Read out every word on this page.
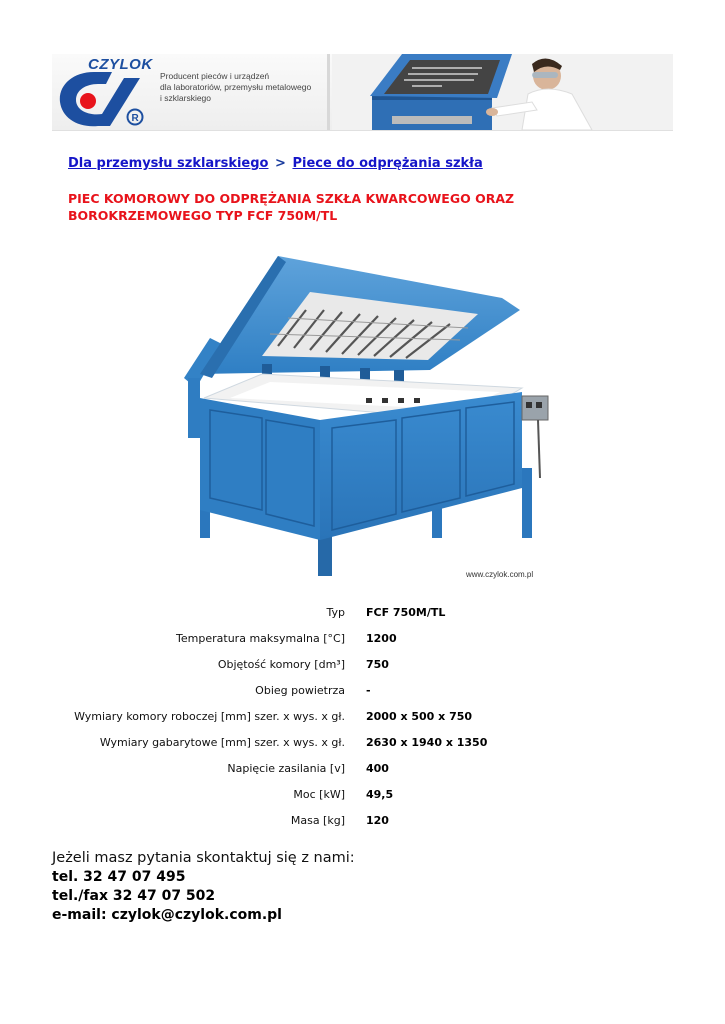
CZYLOK
R
Producent pieców i urządzeń
dla laboratoriów, przemysłu metalowego
i szklarskiego
Dla przemysłu szklarskiego > Piece do odprężania szkła
PIEC KOMOROWY DO ODPRĘŻANIA SZKŁA KWARCOWEGO ORAZ BOROKRZEMOWEGO TYP FCF 750M/TL
www.czylok.com.pl
Typ FCF 750M/TL
Temperatura maksymalna [°C] 1200
Objętość komory [dm³] 750
Obieg powietrza -
Wymiary komory roboczej [mm] szer. x wys. x gł. 2000 x 500 x 750
Wymiary gabarytowe [mm] szer. x wys. x gł. 2630 x 1940 x 1350
Napięcie zasilania [v] 400
Moc [kW] 49,5
Masa [kg] 120
Jeżeli masz pytania skontaktuj się z nami:
tel. 32 47 07 495
tel./fax 32 47 07 502
e-mail: czylok@czylok.com.pl
